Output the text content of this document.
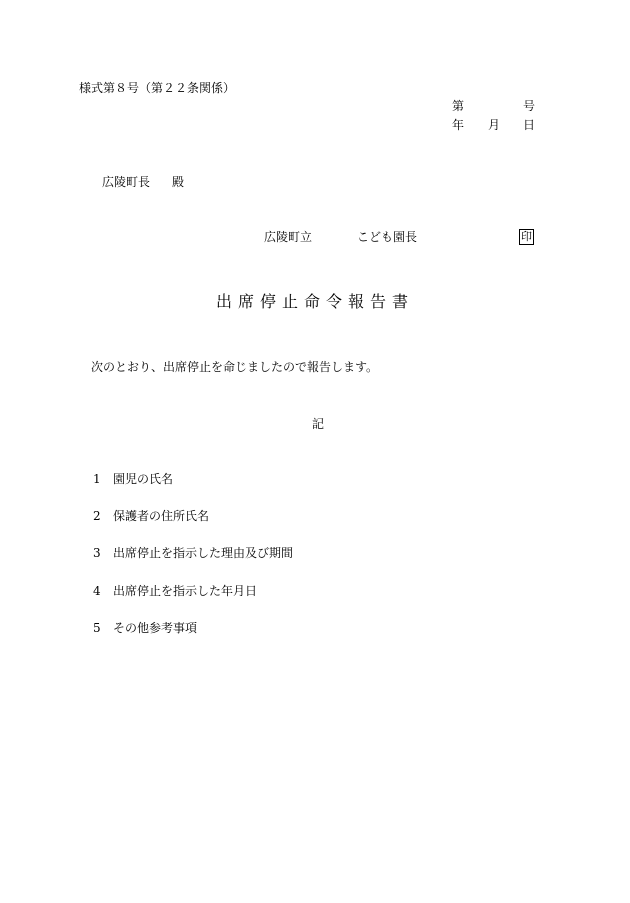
様式第８号（第２２条関係）
第	号
年 月 日
広陵町長 殿
広陵町立	こども園長	印
出席停止命令報告書
次のとおり、出席停止を命じましたので報告します。
記
1 園児の氏名
2 保護者の住所氏名
3 出席停止を指示した理由及び期間
4 出席停止を指示した年月日
5 その他参考事項
